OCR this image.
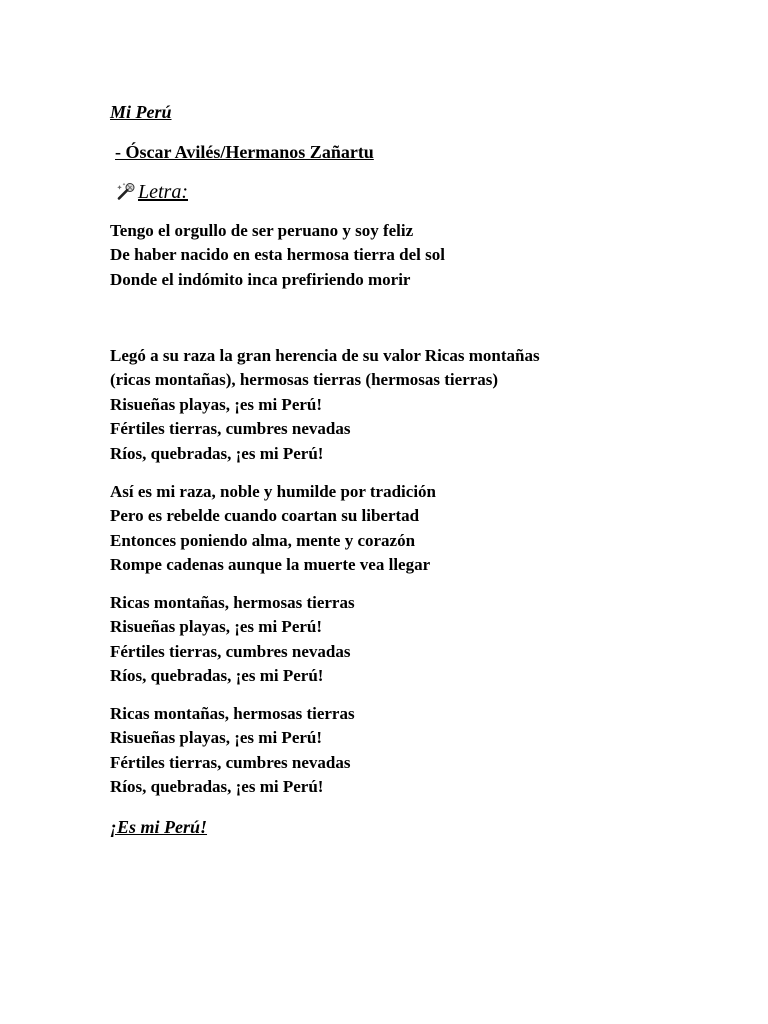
Mi Perú
- Óscar Avilés/Hermanos Zañartu
Letra:
Tengo el orgullo de ser peruano y soy feliz
De haber nacido en esta hermosa tierra del sol
Donde el indómito inca prefiriendo morir
Legó a su raza la gran herencia de su valor Ricas montañas
(ricas montañas), hermosas tierras (hermosas tierras)
Risueñas playas, ¡es mi Perú!
Fértiles tierras, cumbres nevadas
Ríos, quebradas, ¡es mi Perú!
Así es mi raza, noble y humilde por tradición
Pero es rebelde cuando coartan su libertad
Entonces poniendo alma, mente y corazón
Rompe cadenas aunque la muerte vea llegar
Ricas montañas, hermosas tierras
Risueñas playas, ¡es mi Perú!
Fértiles tierras, cumbres nevadas
Ríos, quebradas, ¡es mi Perú!
Ricas montañas, hermosas tierras
Risueñas playas, ¡es mi Perú!
Fértiles tierras, cumbres nevadas
Ríos, quebradas, ¡es mi Perú!
¡Es mi Perú!
